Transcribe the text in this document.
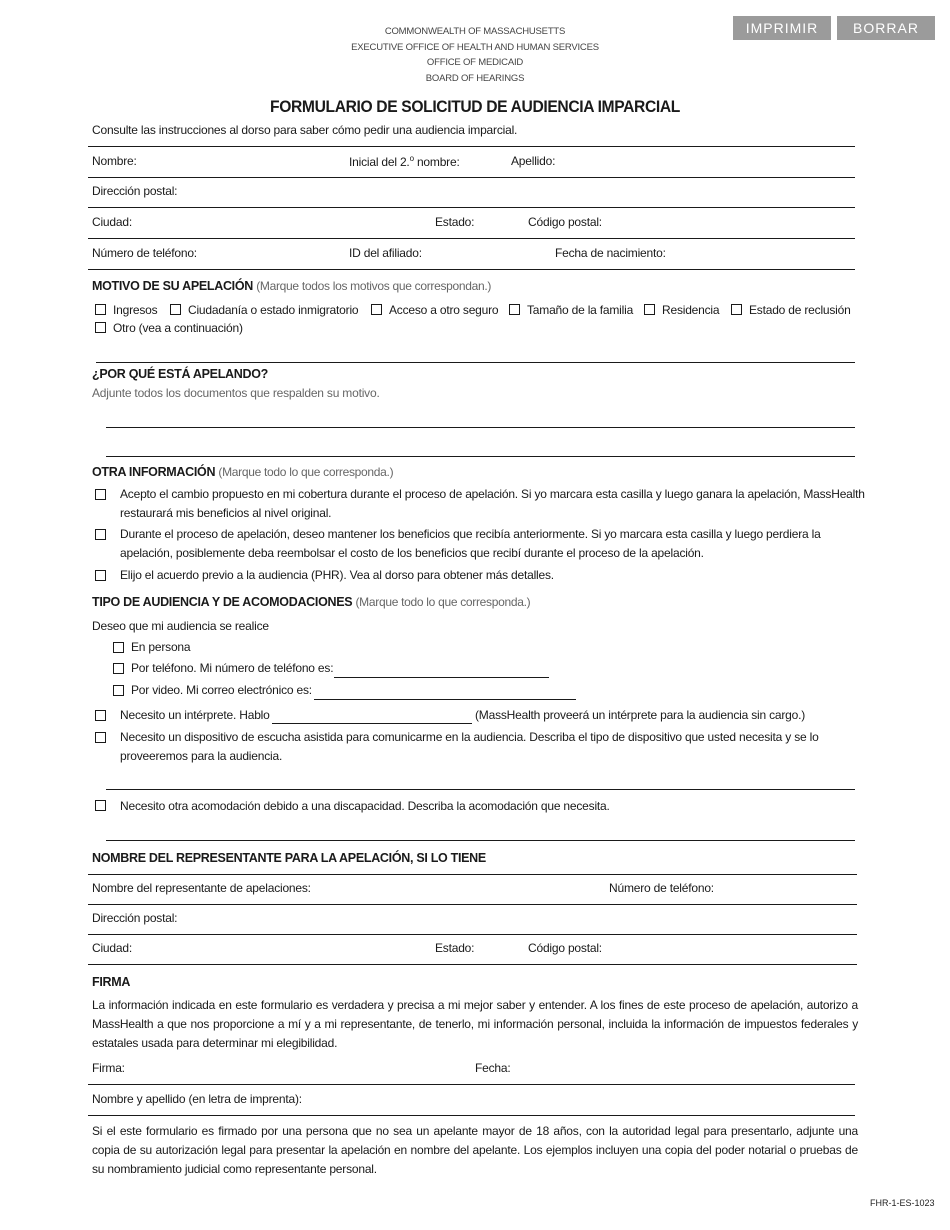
COMMONWEALTH OF MASSACHUSETTS
EXECUTIVE OFFICE OF HEALTH AND HUMAN SERVICES
OFFICE OF MEDICAID
BOARD OF HEARINGS
IMPRIMIR	BORRAR
FORMULARIO DE SOLICITUD DE AUDIENCIA IMPARCIAL
Consulte las instrucciones al dorso para saber cómo pedir una audiencia imparcial.
Nombre:	Inicial del 2.$^o$ nombre:	Apellido:
Dirección postal:
Ciudad:	Estado:	Código postal:
Número de teléfono:	ID del afiliado:	Fecha de nacimiento:
MOTIVO DE SU APELACIÓN (Marque todos los motivos que correspondan.)
Ingresos	Ciudadanía o estado inmigratorio	Acceso a otro seguro Tamaño de la familia Residencia Estado de reclusión
Otro (vea a continuación)
¿POR QUÉ ESTÁ APELANDO?
Adjunte todos los documentos que respalden su motivo.
OTRA INFORMACIÓN (Marque todo lo que corresponda.)
Acepto el cambio propuesto en mi cobertura durante el proceso de apelación. Si yo marcara esta casilla y luego ganara la apelación, MassHealth
restaurará mis beneficios al nivel original.
Durante el proceso de apelación, deseo mantener los beneficios que recibía anteriormente. Si yo marcara esta casilla y luego perdiera la
apelación, posiblemente deba reembolsar el costo de los beneficios que recibí durante el proceso de la apelación.
Elijo el acuerdo previo a la audiencia (PHR). Vea al dorso para obtener más detalles.
TIPO DE AUDIENCIA Y DE ACOMODACIONES (Marque todo lo que corresponda.)
Deseo que mi audiencia se realice
En persona
Por teléfono. Mi número de teléfono es:
Por video. Mi correo electrónico es:
Necesito un intérprete. Hablo	(MassHealth proveerá un intérprete para la audiencia sin cargo.)
Necesito un dispositivo de escucha asistida para comunicarme en la audiencia. Describa el tipo de dispositivo que usted necesita y se lo
proveeremos para la audiencia.
Necesito otra acomodación debido a una discapacidad. Describa la acomodación que necesita.
NOMBRE DEL REPRESENTANTE PARA LA APELACIÓN, SI LO TIENE
Nombre del representante de apelaciones:	Número de teléfono:
Dirección postal:
Ciudad:	Estado:	Código postal:
FIRMA
La información indicada en este formulario es verdadera y precisa a mi mejor saber y entender. A los fines de este proceso de apelación, autorizo a MassHealth a que nos proporcione a mí y a mi representante, de tenerlo, mi información personal, incluida la información de impuestos federales y estatales usada para determinar mi elegibilidad.
Firma:	Fecha:
Nombre y apellido (en letra de imprenta):
Si el este formulario es firmado por una persona que no sea un apelante mayor de 18 años, con la autoridad legal para presentarlo, adjunte una copia de su autorización legal para presentar la apelación en nombre del apelante. Los ejemplos incluyen una copia del poder notarial o pruebas de su nombramiento judicial como representante personal.
FHR-1-ES-1023
